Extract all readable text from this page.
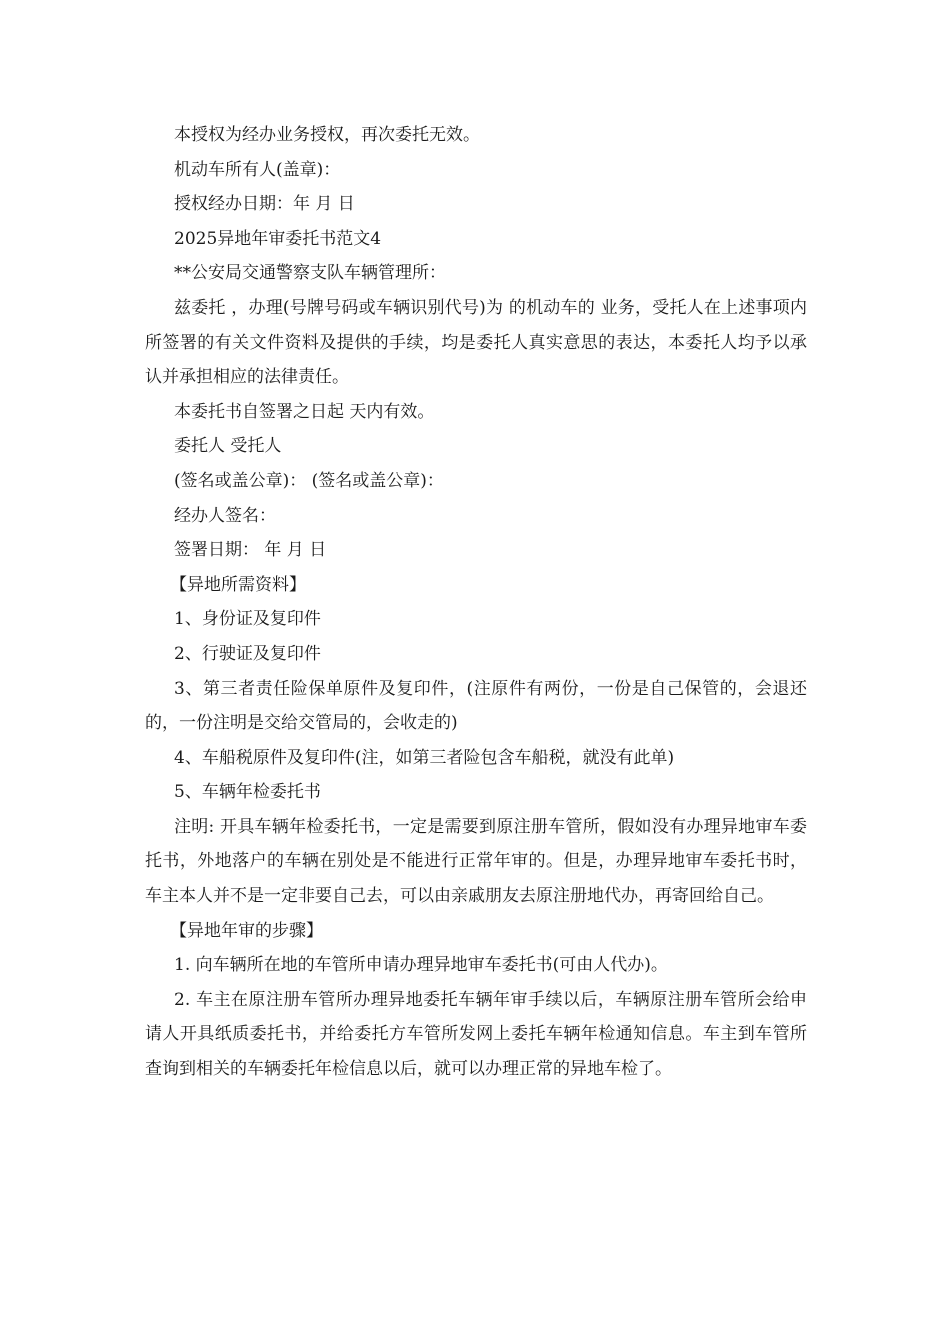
本授权为经办业务授权，再次委托无效。

机动车所有人(盖章)：

授权经办日期：年 月 日

2025异地年审委托书范文4

**公安局交通警察支队车辆管理所：

兹委托 ，办理(号牌号码或车辆识别代号)为 的机动车的 业务，受托人在上述事项内所签署的有关文件资料及提供的手续，均是委托人真实意思的表达，本委托人均予以承认并承担相应的法律责任。

本委托书自签署之日起 天内有效。

委托人 受托人

(签名或盖公章)： (签名或盖公章)：

经办人签名：

签署日期： 年 月 日

【异地所需资料】

1、身份证及复印件

2、行驶证及复印件

3、第三者责任险保单原件及复印件，(注原件有两份，一份是自己保管的，会退还的，一份注明是交给交管局的，会收走的)

4、车船税原件及复印件(注，如第三者险包含车船税，就没有此单)

5、车辆年检委托书

注明: 开具车辆年检委托书，一定是需要到原注册车管所，假如没有办理异地审车委托书，外地落户的车辆在别处是不能进行正常年审的。但是，办理异地审车委托书时，车主本人并不是一定非要自己去，可以由亲戚朋友去原注册地代办，再寄回给自己。

【异地年审的步骤】

1. 向车辆所在地的车管所申请办理异地审车委托书(可由人代办)。

2. 车主在原注册车管所办理异地委托车辆年审手续以后，车辆原注册车管所会给申请人开具纸质委托书，并给委托方车管所发网上委托车辆年检通知信息。车主到车管所查询到相关的车辆委托年检信息以后，就可以办理正常的异地车检了。
